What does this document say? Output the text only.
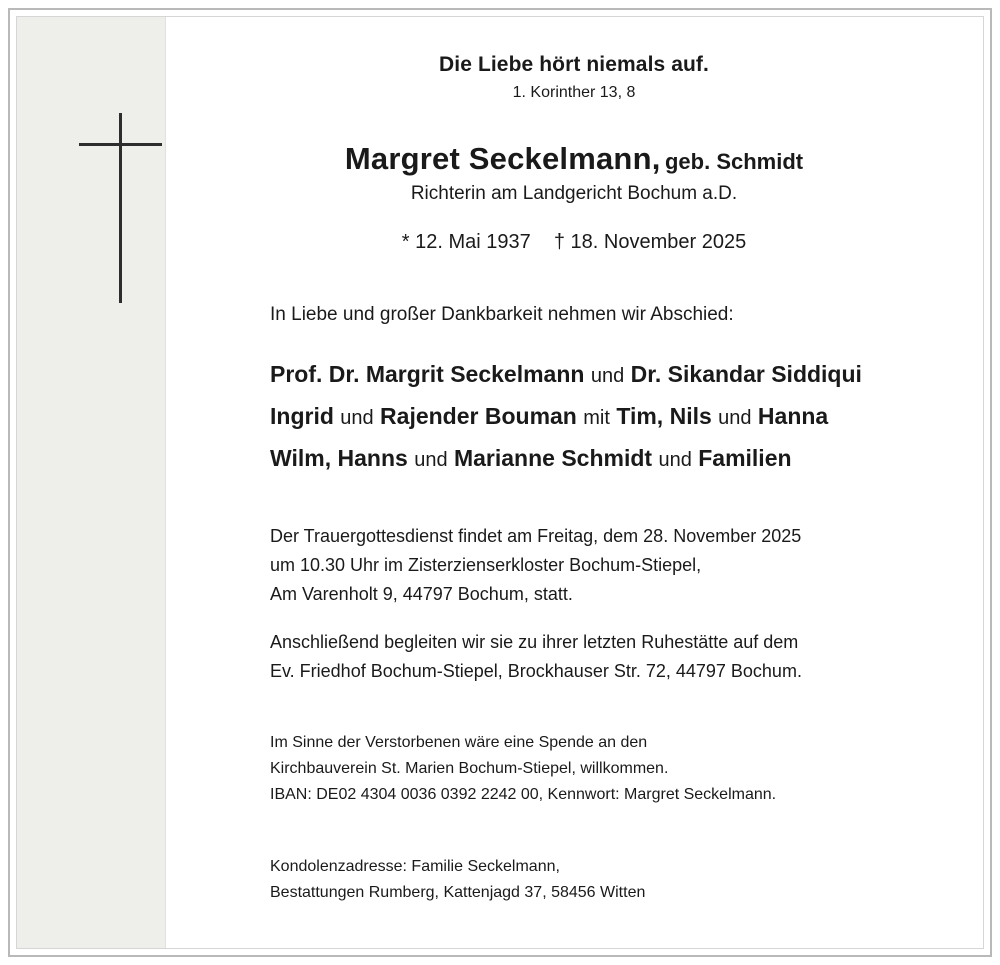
Die Liebe hört niemals auf.
1. Korinther 13, 8
Margret Seckelmann, geb. Schmidt
Richterin am Landgericht Bochum a.D.
* 12. Mai 1937 † 18. November 2025
In Liebe und großer Dankbarkeit nehmen wir Abschied:
Prof. Dr. Margrit Seckelmann und Dr. Sikandar Siddiqui
Ingrid und Rajender Bouman mit Tim, Nils und Hanna
Wilm, Hanns und Marianne Schmidt und Familien

Der Trauergottesdienst findet am Freitag, dem 28. November 2025

um 10.30 Uhr im Zisterzienserkloster Bochum-Stiepel,

Am Varenholt 9, 44797 Bochum, statt.

Anschließend begleiten wir sie zu ihrer letzten Ruhestätte auf dem

Ev. Friedhof Bochum-Stiepel, Brockhauser Str. 72, 44797 Bochum.

Im Sinne der Verstorbenen wäre eine Spende an den

Kirchbauverein St. Marien Bochum-Stiepel, willkommen.

IBAN: DE02 4304 0036 0392 2242 00, Kennwort: Margret Seckelmann.

Kondolenzadresse: Familie Seckelmann,

Bestattungen Rumberg, Kattenjagd 37, 58456 Witten
